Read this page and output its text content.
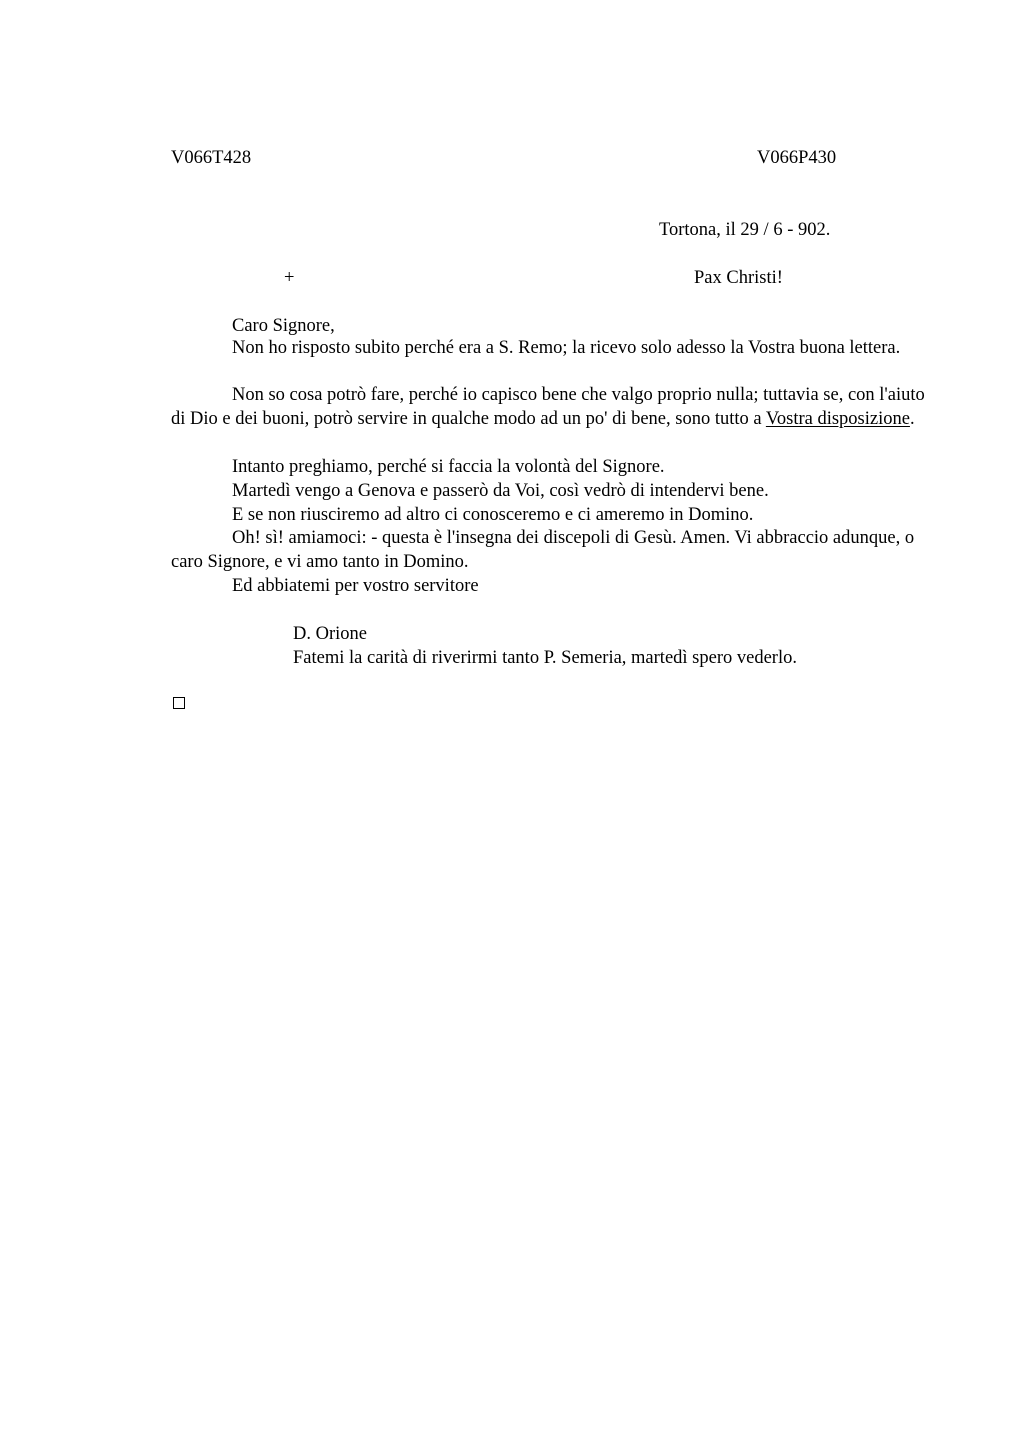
V066T428	V066P430
Tortona, il 29 / 6 - 902.
+	Pax Christi!
Caro Signore,
Non ho risposto subito perché era a S. Remo; la ricevo solo adesso la Vostra buona lettera.
Non so cosa potrò fare, perché io capisco bene che valgo proprio nulla; tuttavia se, con l'aiuto di Dio e dei buoni, potrò servire in qualche modo ad un po' di bene, sono tutto a Vostra disposizione.
Intanto preghiamo, perché si faccia la volontà del Signore.
Martedì vengo a Genova e passerò da Voi, così vedrò di intendervi bene.
E se non riusciremo ad altro ci conosceremo e ci ameremo in Domino.
Oh! sì! amiamoci: - questa è l'insegna dei discepoli di Gesù. Amen. Vi abbraccio adunque, o caro Signore, e vi amo tanto in Domino.
Ed abbiatemi per vostro servitore
D. Orione
Fatemi la carità di riverirmi tanto P. Semeria, martedì spero vederlo.
